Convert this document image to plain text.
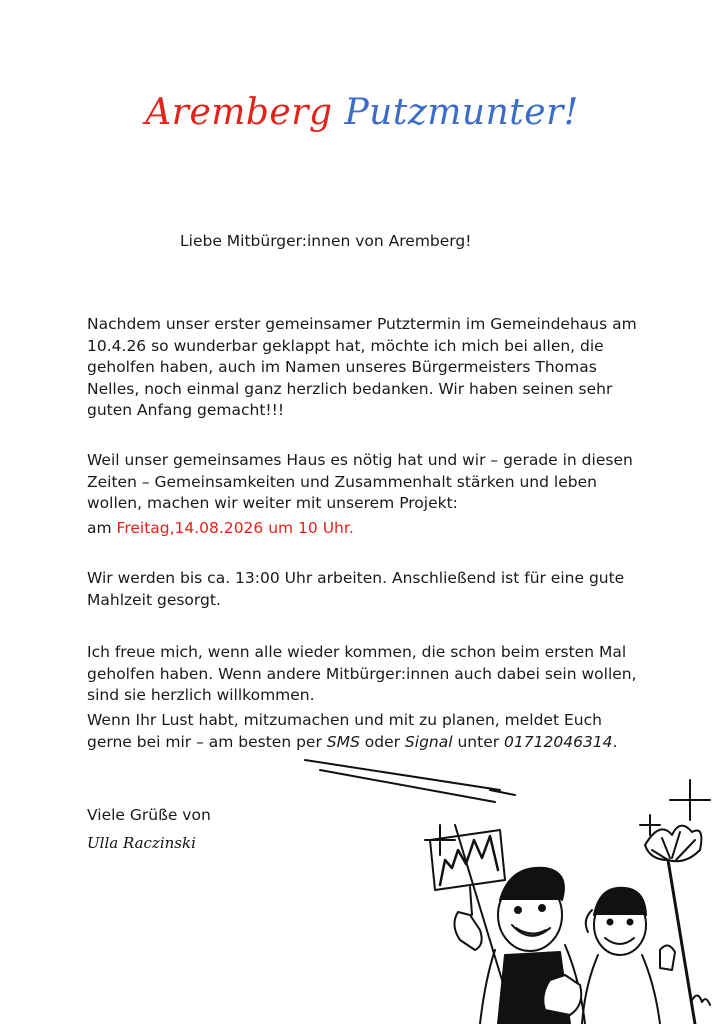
Aremberg Putzmunter!
Liebe Mitbürger:innen von Aremberg!

Nachdem unser erster gemeinsamer Putztermin im Gemeindehaus am 10.4.26 so wunderbar geklappt hat, möchte ich mich bei allen, die geholfen haben, auch im Namen unseres Bürgermeisters Thomas Nelles, noch einmal ganz herzlich bedanken. Wir haben seinen sehr guten Anfang gemacht!!!

Weil unser gemeinsames Haus es nötig hat und wir – gerade in diesen Zeiten – Gemeinsamkeiten und Zusammenhalt stärken und leben wollen, machen wir weiter mit unserem Projekt:

am Freitag,14.08.2026 um 10 Uhr.

Wir werden bis ca. 13:00 Uhr arbeiten. Anschließend ist für eine gute Mahlzeit gesorgt.

Ich freue mich, wenn alle wieder kommen, die schon beim ersten Mal geholfen haben. Wenn andere Mitbürger:innen auch dabei sein wollen, sind sie herzlich willkommen.

Wenn Ihr Lust habt, mitzumachen und mit zu planen, meldet Euch gerne bei mir – am besten per SMS oder Signal unter 01712046314.

Viele Grüße von
Ulla Raczinski
